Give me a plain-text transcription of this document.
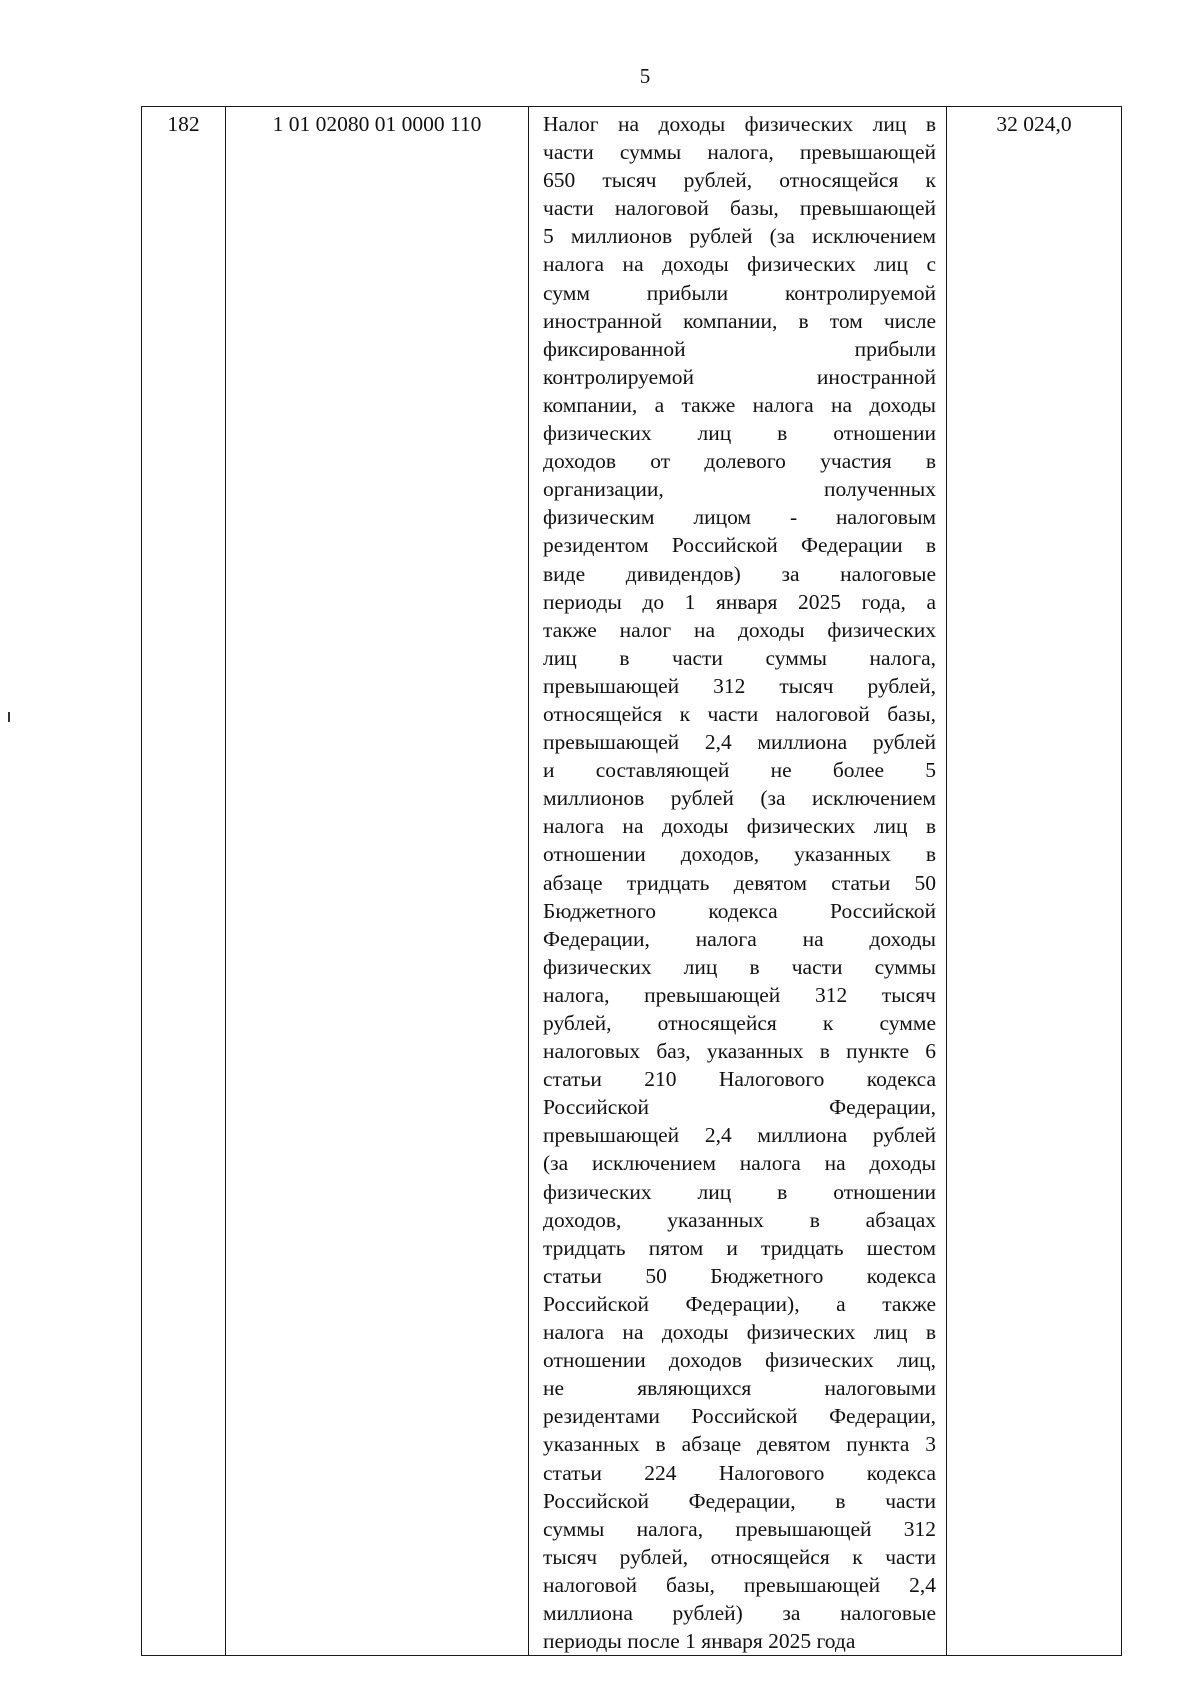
5
182	1 01 02080 01 0000 110	Налог на доходы физических лиц в
части суммы налога, превышающей
650 тысяч рублей, относящейся к
части налоговой базы, превышающей
5 миллионов рублей (за исключением
налога на доходы физических лиц с
сумм прибыли контролируемой
иностранной компании, в том числе
фиксированной прибыли
контролируемой иностранной
компании, а также налога на доходы
физических лиц в отношении
доходов от долевого участия в
организации, полученных
физическим лицом - налоговым
резидентом Российской Федерации в
виде дивидендов) за налоговые
периоды до 1 января 2025 года, а
также налог на доходы физических
лиц в части суммы налога,
превышающей 312 тысяч рублей,
относящейся к части налоговой базы,
превышающей 2,4 миллиона рублей
и составляющей не более 5
миллионов рублей (за исключением
налога на доходы физических лиц в
отношении доходов, указанных в
абзаце тридцать девятом статьи 50
Бюджетного кодекса Российской
Федерации, налога на доходы
физических лиц в части суммы
налога, превышающей 312 тысяч
рублей, относящейся к сумме
налоговых баз, указанных в пункте 6
статьи 210 Налогового кодекса
Российской Федерации,
превышающей 2,4 миллиона рублей
(за исключением налога на доходы
физических лиц в отношении
доходов, указанных в абзацах
тридцать пятом и тридцать шестом
статьи 50 Бюджетного кодекса
Российской Федерации), а также
налога на доходы физических лиц в
отношении доходов физических лиц,
не являющихся налоговыми
резидентами Российской Федерации,
указанных в абзаце девятом пункта 3
статьи 224 Налогового кодекса
Российской Федерации, в части
суммы налога, превышающей 312
тысяч рублей, относящейся к части
налоговой базы, превышающей 2,4
миллиона рублей) за налоговые
периоды после 1 января 2025 года
	32 024,0
